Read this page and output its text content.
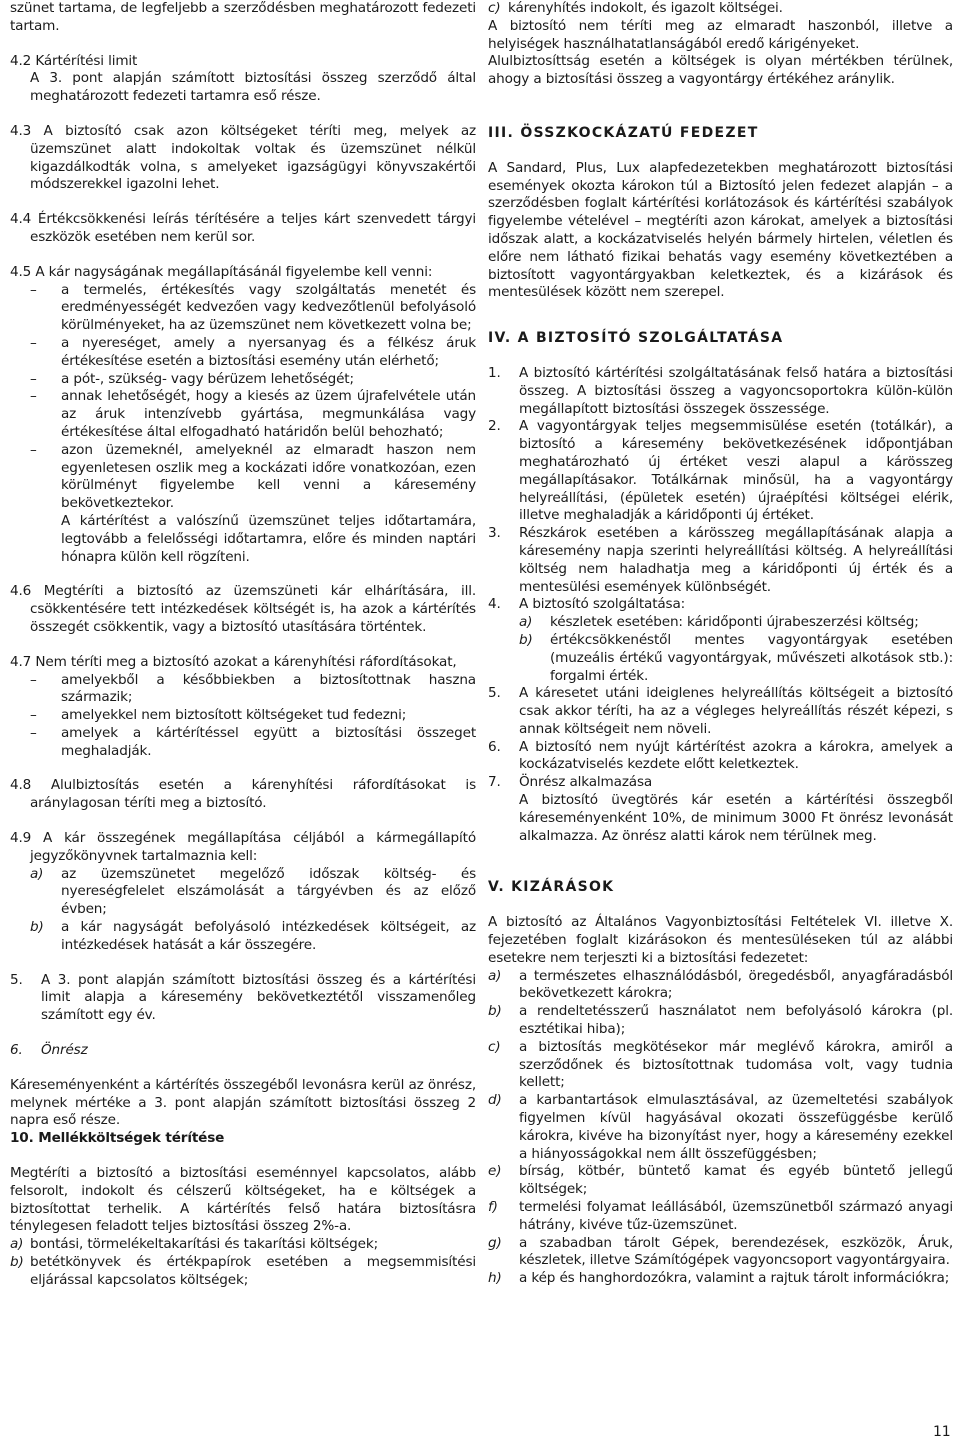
szünet tartama, de legfeljebb a szerződésben meghatározott fedezeti tartam.

4.2 Kártérítési limit

A 3. pont alapján számított biztosítási összeg szerződő által meghatározott fedezeti tartamra eső része.

4.3 A biztosító csak azon költségeket téríti meg, melyek az üzemszünet alatt indokoltak voltak és üzemszünet nélkül kigazdálkodták volna, s amelyeket igazságügyi könyvszakértői módszerekkel igazolni lehet.

4.4 Értékcsökkenési leírás térítésére a teljes kárt szenvedett tárgyi eszközök esetében nem kerül sor.

4.5 A kár nagyságának megállapításánál figyelembe kell venni:

– a termelés, értékesítés vagy szolgáltatás menetét és eredményességét kedvezően vagy kedvezőtlenül befolyásoló körülményeket, ha az üzemszünet nem következett volna be;
– a nyereséget, amely a nyersanyag és a félkész áruk értékesítése esetén a biztosítási esemény után elérhető;
– a pót-, szükség- vagy bérüzem lehetőségét;
– annak lehetőségét, hogy a kiesés az üzem újrafelvétele után az áruk intenzívebb gyártása, megmunkálása vagy értékesítése által elfogadható határidőn belül behozható;
– azon üzemeknél, amelyeknél az elmaradt haszon nem egyenletesen oszlik meg a kockázati időre vonatkozóan, ezen körülményt figyelembe kell venni a káresemény bekövetkeztekor.
A kártérítést a valószínű üzemszünet teljes időtartamára, legtovább a felelősségi időtartamra, előre és minden naptári hónapra külön kell rögzíteni.

4.6 Megtéríti a biztosító az üzemszüneti kár elhárítására, ill. csökkentésére tett intézkedések költségét is, ha azok a kártérítés összegét csökkentik, vagy a biztosító utasítására történtek.

4.7 Nem téríti meg a biztosító azokat a kárenyhítési ráfordításokat,

– amelyekből a későbbiekben a biztosítottnak haszna származik;
– amelyekkel nem biztosított költségeket tud fedezni;
– amelyek a kártérítéssel együtt a biztosítási összeget meghaladják.

4.8 Alulbiztosítás esetén a kárenyhítési ráfordításokat is aránylagosan téríti meg a biztosító.

4.9 A kár összegének megállapítása céljából a kármegállapító jegyzőkönyvnek tartalmaznia kell:

a) az üzemszünetet megelőző időszak költség- és nyereségfelelet elszámolását a tárgyévben és az előző évben;
b) a kár nagyságát befolyásoló intézkedések költségeit, az intézkedések hatását a kár összegére.
5. A 3. pont alapján számított biztosítási összeg és a kártérítési limit alapja a káresemény bekövetkeztétől visszamenőleg számított egy év.
6. Önrész

Káreseményenként a kártérítés összegéből levonásra kerül az önrész, melynek mértéke a 3. pont alapján számított biztosítási összeg 2 napra eső része.

10. Mellékköltségek térítése

Megtéríti a biztosító a biztosítási eseménnyel kapcsolatos, alább felsorolt, indokolt és célszerű költségeket, ha e költségek a biztosítottat terhelik. A kártérítés felső határa biztosításra ténylegesen feladott teljes biztosítási összeg 2%-a.

a) bontási, törmelékeltakarítási és takarítási költségek;
b) betétkönyvek és értékpapírok esetében a megsemmisítési eljárással kapcsolatos költségek;
c) kárenyhítés indokolt, és igazolt költségei.

A biztosító nem téríti meg az elmaradt haszonból, illetve a helyiségek használhatatlanságából eredő kárigényeket.

Alulbiztosíttság esetén a költségek is olyan mértékben térülnek, ahogy a biztosítási összeg a vagyontárgy értékéhez aránylik.

III. ÖSSZKOCKÁZATÚ FEDEZET

A Sandard, Plus, Lux alapfedezetekben meghatározott biztosítási események okozta károkon túl a Biztosító jelen fedezet alapján – a szerződésben foglalt kártérítési korlátozások és kártérítési szabályok figyelembe vételével – megtéríti azon károkat, amelyek a biztosítási időszak alatt, a kockázatviselés helyén bármely hirtelen, véletlen és előre nem látható fizikai behatás vagy esemény következtében a biztosított vagyontárgyakban keletkeztek, és a kizárások és mentesülések között nem szerepel.

IV. A BIZTOSÍTÓ SZOLGÁLTATÁSA

1. A biztosító kártérítési szolgáltatásának felső határa a biztosítási összeg. A biztosítási összeg a vagyoncsoportokra külön-külön megállapított biztosítási összegek összessége.
2. A vagyontárgyak teljes megsemmisülése esetén (totálkár), a biztosító a káresemény bekövetkezésének időpontjában meghatározható új értéket veszi alapul a kárösszeg megállapításakor. Totálkárnak minősül, ha a vagyontárgy helyreállítási, (épületek esetén) újraépítési költségei elérik, illetve meghaladják a káridőponti új értéket.
3. Részkárok esetében a kárösszeg megállapításának alapja a káresemény napja szerinti helyreállítási költség. A helyreállítási költség nem haladhatja meg a káridőponti új érték és a mentesülési események különbségét.
4. A biztosító szolgáltatása:
a) készletek esetében: káridőponti újrabeszerzési költség;
b) értékcsökkenéstől mentes vagyontárgyak esetében (muzeális értékű vagyontárgyak, művészeti alkotások stb.): forgalmi érték.
5. A káresetet utáni ideiglenes helyreállítás költségeit a biztosító csak akkor téríti, ha az a végleges helyreállítás részét képezi, s annak költségeit nem növeli.
6. A biztosító nem nyújt kártérítést azokra a károkra, amelyek a kockázatviselés kezdete előtt keletkeztek.
7. Önrész alkalmazása
A biztosító üvegtörés kár esetén a kártérítési összegből káreseményenként 10%, de minimum 3000 Ft önrész levonását alkalmazza. Az önrész alatti károk nem térülnek meg.

V. KIZÁRÁSOK

A biztosító az Általános Vagyonbiztosítási Feltételek VI. illetve X. fejezetében foglalt kizárásokon és mentesüléseken túl az alábbi esetekre nem terjeszti ki a biztosítási fedezetet:

a) a természetes elhasználódásból, öregedésből, anyagfáradásból bekövetkezett károkra;
b) a rendeltetésszerű használatot nem befolyásoló károkra (pl. esztétikai hiba);
c) a biztosítás megkötésekor már meglévő károkra, amiről a szerződőnek és biztosítottnak tudomása volt, vagy tudnia kellett;
d) a karbantartások elmulasztásával, az üzemeltetési szabályok figyelmen kívül hagyásával okozati összefüggésbe kerülő károkra, kivéve ha bizonyítást nyer, hogy a káresemény ezekkel a hiányosságokkal nem állt összefüggésben;
e) bírság, kötbér, büntető kamat és egyéb büntető jellegű költségek;
f) termelési folyamat leállásából, üzemszünetből származó anyagi hátrány, kivéve tűz-üzemszünet.
g) a szabadban tárolt Gépek, berendezések, eszközök, Áruk, készletek, illetve Számítógépek vagyoncsoport vagyontárgyaira.
h) a kép és hanghordozókra, valamint a rajtuk tárolt információkra;
11
